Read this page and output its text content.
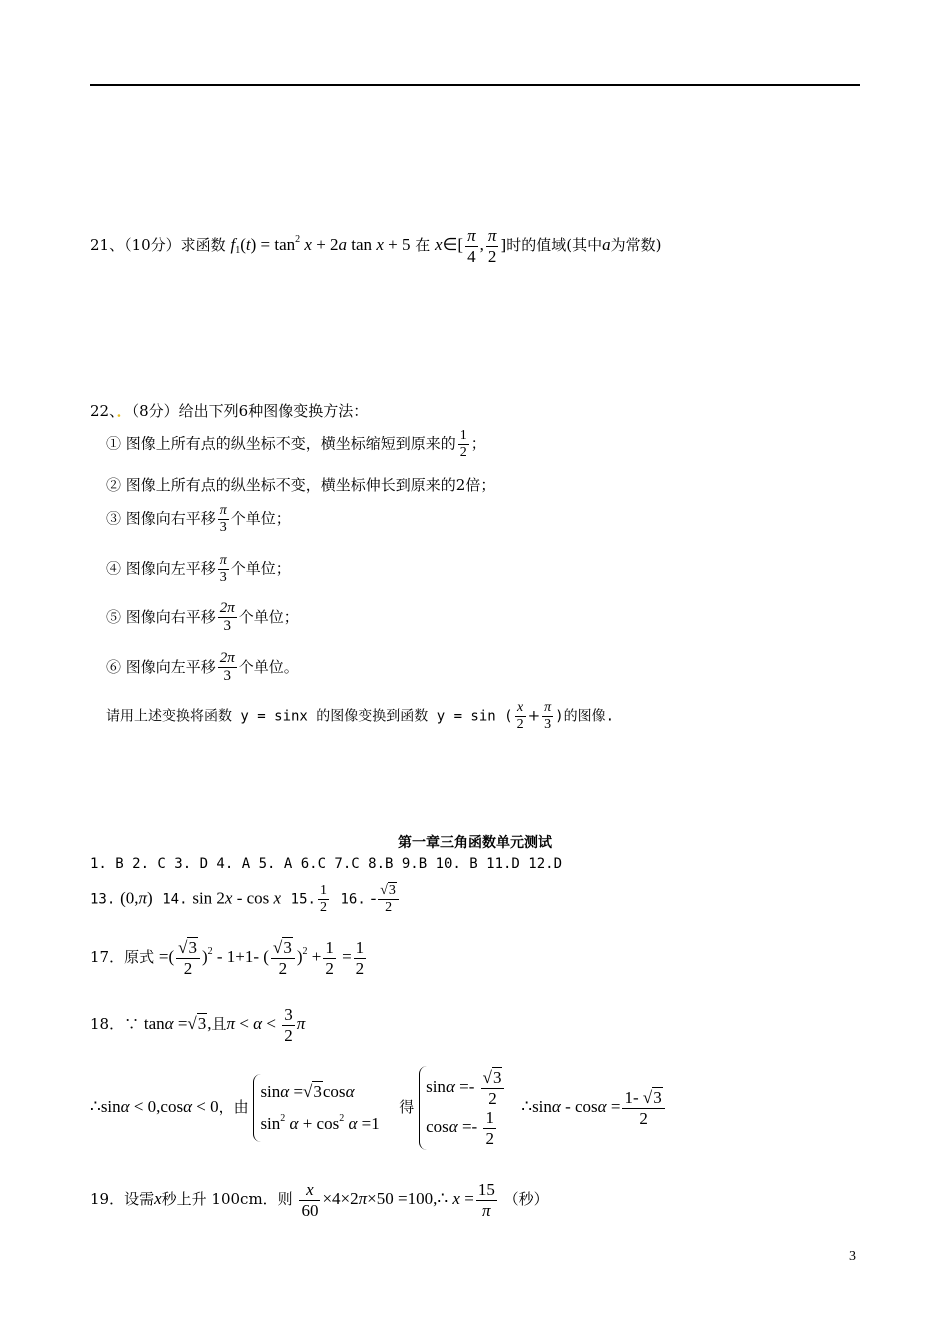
21、（10分）求函数 $f_1(t) = \tan^2 x + 2a$ tan x + 5 在 x∈[ $\frac{\pi}{4}$ , $\frac{\pi}{2}$ ]时的值域(其中a为常数)
22、．（8分）给出下列6种图像变换方法：
① 图像上所有点的纵坐标不变，横坐标缩短到原来的 $\frac{1}{2}$ ；
② 图像上所有点的纵坐标不变，横坐标伸长到原来的2倍；
③ 图像向右平移 $\frac{\pi}{3}$ 个单位；
④ 图像向左平移 $\frac{\pi}{3}$ 个单位；
⑤ 图像向右平移 $\frac{2\pi}{3}$ 个单位；
⑥ 图像向左平移 $\frac{2\pi}{3}$ 个单位。
请用上述变换将函数 y = sinx 的图像变换到函数 y = sin ( $\frac{x}{2} + \frac{\pi}{3}$ )的图像.
第一章三角函数单元测试
1. B 2. C 3. D 4. A 5. A 6.C 7.C 8.B 9.B 10. B 11.D 12.D
13. (0,π) 14. sin 2x - cos x 15. $\frac{1}{2} 16$. - $\frac{√3}{2}$
17．原式 =( $\frac{√3}{2} )^2 - 1+1-$ ( $\frac{√3}{2} )^2 + \frac{1}{2} = \frac{1}{2}$
18．∵ tanα =√3,且$\pi < \alpha < \frac{3}{2}$ π
∴sinα < 0,cosα < 0，由 sinα =√3cosα
$\sin^2 \alpha + \cos^2 \alpha =1$  得 $\sin\alpha =- \frac{√3}{2}$

$\cos\alpha =- \frac{1}{2}$
∴sinα - $\cos\alpha = \frac{1- √3}{2}$
19．设需x秒上升 100cm．则 $\frac{x}{60} \times 4\times 2\pi\times 50$ =100,∴ $x = \frac{15}{\pi}$ （秒）
3
